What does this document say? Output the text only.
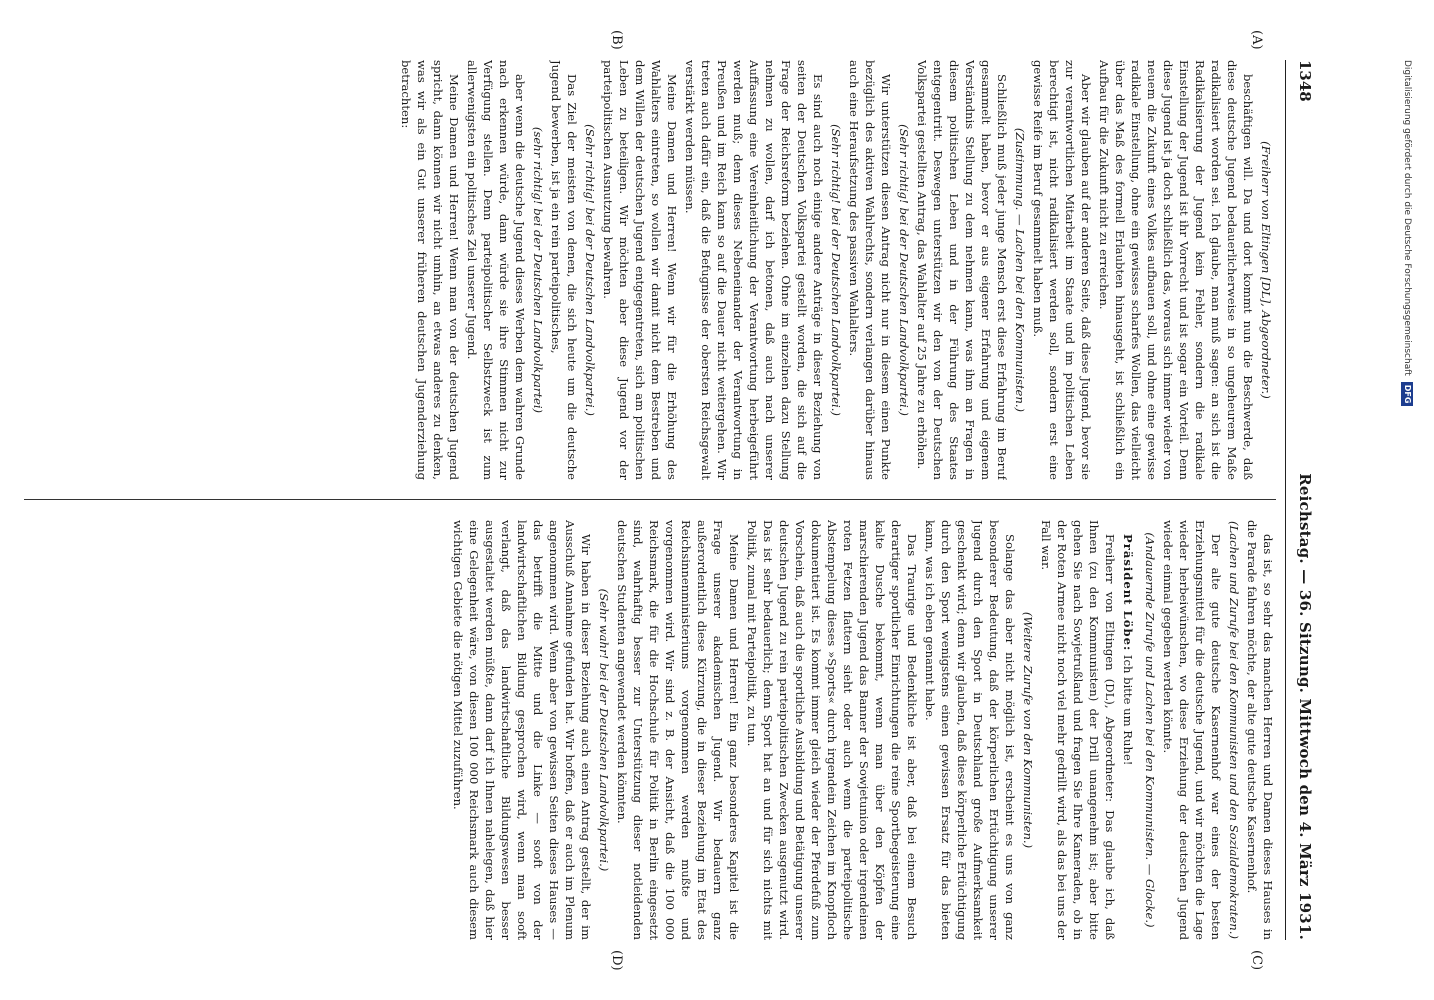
Digitalisierung gefördert durch die Deutsche Forschungsgemeinschaft
DFG
1348
Reichstag. — 36. Sitzung. Mittwoch den 4. März 1931.
(A)
(B)
(C)
(D)

(Freiherr von Eltingen [DL], Abgeordneter.)

beschäftigen will. Da und dort kommt nun die Beschwerde, daß diese deutsche Jugend bedauerlicherweise in so ungeheurem Maße radikalisiert worden sei. Ich glaube, man muß sagen: an sich ist die Radikalisierung der Jugend kein Fehler, sondern die radikale Einstellung der Jugend ist ihr Vorrecht und ist sogar ein Vorteil. Denn diese Jugend ist ja doch schließlich das, woraus sich immer wieder von neuem die Zukunft eines Volkes aufbauen soll, und ohne eine gewisse radikale Einstellung, ohne ein gewisses scharfes Wollen, das vielleicht über das Maß des formell Erlaubten hinausgeht, ist schließlich ein Aufbau für die Zukunft nicht zu erreichen.

Aber wir glauben auf der anderen Seite, daß diese Jugend, bevor sie zur verantwortlichen Mitarbeit im Staate und im politischen Leben berechtigt ist, nicht radikalisiert werden soll, sondern erst eine gewisse Reife im Beruf gesammelt haben muß.

(Zustimmung. — Lachen bei den Kommunisten.)

Schließlich muß jeder junge Mensch erst diese Erfahrung im Beruf gesammelt haben, bevor er aus eigener Erfahrung und eigenem Verständnis Stellung zu dem nehmen kann, was ihm an Fragen in diesem politischen Leben und in der Führung des Staates entgegentritt. Deswegen unterstützen wir den von der Deutschen Volkspartei gestellten Antrag, das Wahlalter auf 25 Jahre zu erhöhen.

(Sehr richtig! bei der Deutschen Landvolkpartei.)

Wir unterstützen diesen Antrag nicht nur in diesem einen Punkte bezüglich des aktiven Wahlrechts, sondern verlangen darüber hinaus auch eine Heraufsetzung des passiven Wahlalters.

(Sehr richtig! bei der Deutschen Landvolkpartei.)

Es sind auch noch einige andere Anträge in dieser Beziehung von seiten der Deutschen Volkspartei gestellt worden, die sich auf die Frage der Reichsreform beziehen. Ohne im einzelnen dazu Stellung nehmen zu wollen, darf ich betonen, daß auch nach unserer Auffassung eine Vereinheitlichung der Verantwortung herbeigeführt werden muß; denn dieses Nebeneinander der Verantwortung in Preußen und im Reich kann so auf die Dauer nicht weitergehen. Wir treten auch dafür ein, daß die Befugnisse der obersten Reichsgewalt verstärkt werden müssen.

Meine Damen und Herren! Wenn wir für die Erhöhung des Wahlalters eintreten, so wollen wir damit nicht dem Bestreben und dem Willen der deutschen Jugend entgegentreten, sich am politischen Leben zu beteiligen. Wir möchten aber diese Jugend vor der parteipolitischen Ausnutzung bewahren.

(Sehr richtig! bei der Deutschen Landvolkpartei.)

Das Ziel der meisten von denen, die sich heute um die deutsche Jugend bewerben, ist ja ein rein parteipolitisches,

(sehr richtig! bei der Deutschen Landvolkpartei)

aber wenn die deutsche Jugend dieses Werben dem wahren Grunde nach erkennen würde, dann würde sie ihre Stimmen nicht zur Verfügung stellen. Denn parteipolitischer Selbstzweck ist zum allerwenigsten ein politisches Ziel unserer Jugend.

Meine Damen und Herren! Wenn man von der deutschen Jugend spricht, dann können wir nicht umhin, an etwas anderes zu denken, was wir als ein Gut unserer früheren deutschen Jugenderziehung betrachten:

das ist, so sehr das manchen Herren und Damen dieses Hauses in die Parade fahren möchte, der alte gute deutsche Kasernenhof.

(Lachen und Zurufe bei den Kommunisten und den Sozialdemokraten.)

Der alte gute deutsche Kasernenhof war eines der besten Erziehungsmittel für die deutsche Jugend, und wir möchten die Lage wieder herbeiwünschen, wo diese Erziehung der deutschen Jugend wieder einmal gegeben werden könnte.

(Andauernde Zurufe und Lachen bei den Kommunisten. — Glocke.)

Präsident Löbe: Ich bitte um Ruhe!

Freiherr von Eltingen (DL), Abgeordneter: Das glaube ich, daß Ihnen (zu den Kommunisten) der Drill unangenehm ist; aber bitte gehen Sie nach Sowjetrußland und fragen Sie Ihre Kameraden, ob in der Roten Armee nicht noch viel mehr gedrillt wird, als das bei uns der Fall war.

(Weitere Zurufe von den Kommunisten.)

Solange das aber nicht möglich ist, erscheint es uns von ganz besonderer Bedeutung, daß der körperlichen Ertüchtigung unserer Jugend durch den Sport in Deutschland große Aufmerksamkeit geschenkt wird; denn wir glauben, daß diese körperliche Ertüchtigung durch den Sport wenigstens einen gewissen Ersatz für das bieten kann, was ich eben genannt habe.

Das Traurige und Bedenkliche ist aber, daß bei einem Besuch derartiger sportlicher Einrichtungen die reine Sportbegeisterung eine kalte Dusche bekommt, wenn man über den Köpfen der marschierenden Jugend das Banner der Sowjetunion oder irgendeinen roten Fetzen flattern sieht oder auch wenn die parteipolitische Abstempelung dieses »Sports« durch irgendein Zeichen im Knopfloch dokumentiert ist. Es kommt immer gleich wieder der Pferdefuß zum Vorschein, daß auch die sportliche Ausbildung und Betätigung unserer deutschen Jugend zu rein parteipolitischen Zwecken ausgenutzt wird. Das ist sehr bedauerlich; denn Sport hat an und für sich nichts mit Politik, zumal mit Parteipolitik, zu tun.

Meine Damen und Herren! Ein ganz besonderes Kapitel ist die Frage unserer akademischen Jugend. Wir bedauern ganz außerordentlich diese Kürzung, die in dieser Beziehung im Etat des Reichsinnenministeriums vorgenommen werden mußte und vorgenommen wird. Wir sind z. B. der Ansicht, daß die 100 000 Reichsmark, die für die Hochschule für Politik in Berlin eingesetzt sind, wahrhaftig besser zur Unterstützung dieser notleidenden deutschen Studenten angewendet werden könnten.

(Sehr wahr! bei der Deutschen Landvolkpartei.)

Wir haben in dieser Beziehung auch einen Antrag gestellt, der im Ausschuß Annahme gefunden hat. Wir hoffen, daß er auch im Plenum angenommen wird. Wenn aber von gewissen Seiten dieses Hauses — das betrifft die Mitte und die Linke — sooft von der landwirtschaftlichen Bildung gesprochen wird, wenn man sooft verlangt, daß das landwirtschaftliche Bildungswesen besser ausgestaltet werden müßte, dann darf ich Ihnen nahelegen, daß hier eine Gelegenheit wäre, von diesen 100 000 Reichsmark auch diesem wichtigen Gebiete die nötigen Mittel zuzuführen.
